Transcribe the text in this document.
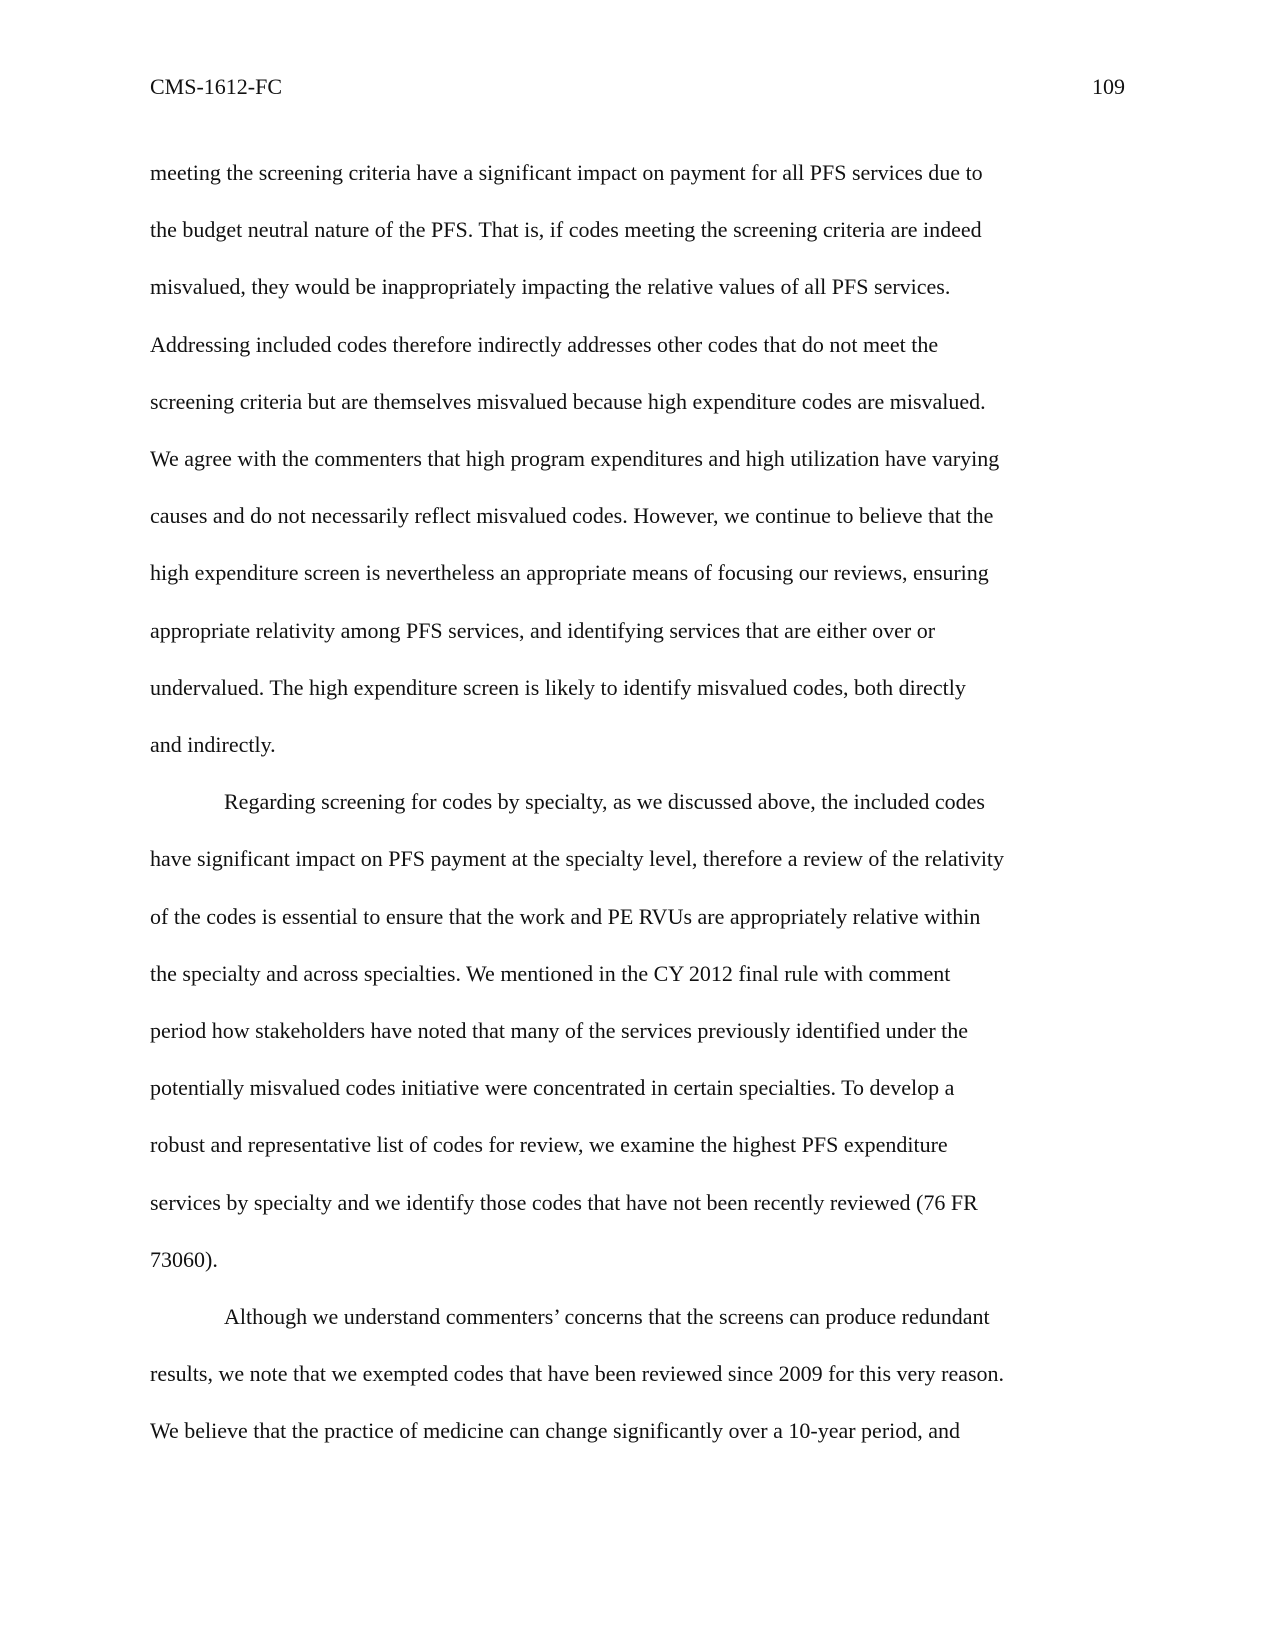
CMS-1612-FC	109

meeting the screening criteria have a significant impact on payment for all PFS services due to
the budget neutral nature of the PFS. That is, if codes meeting the screening criteria are indeed
misvalued, they would be inappropriately impacting the relative values of all PFS services.
Addressing included codes therefore indirectly addresses other codes that do not meet the
screening criteria but are themselves misvalued because high expenditure codes are misvalued.
We agree with the commenters that high program expenditures and high utilization have varying
causes and do not necessarily reflect misvalued codes. However, we continue to believe that the
high expenditure screen is nevertheless an appropriate means of focusing our reviews, ensuring
appropriate relativity among PFS services, and identifying services that are either over or
undervalued. The high expenditure screen is likely to identify misvalued codes, both directly
and indirectly.

Regarding screening for codes by specialty, as we discussed above, the included codes
have significant impact on PFS payment at the specialty level, therefore a review of the relativity
of the codes is essential to ensure that the work and PE RVUs are appropriately relative within
the specialty and across specialties. We mentioned in the CY 2012 final rule with comment
period how stakeholders have noted that many of the services previously identified under the
potentially misvalued codes initiative were concentrated in certain specialties. To develop a
robust and representative list of codes for review, we examine the highest PFS expenditure
services by specialty and we identify those codes that have not been recently reviewed (76 FR
73060).

Although we understand commenters’ concerns that the screens can produce redundant
results, we note that we exempted codes that have been reviewed since 2009 for this very reason.
We believe that the practice of medicine can change significantly over a 10-year period, and
